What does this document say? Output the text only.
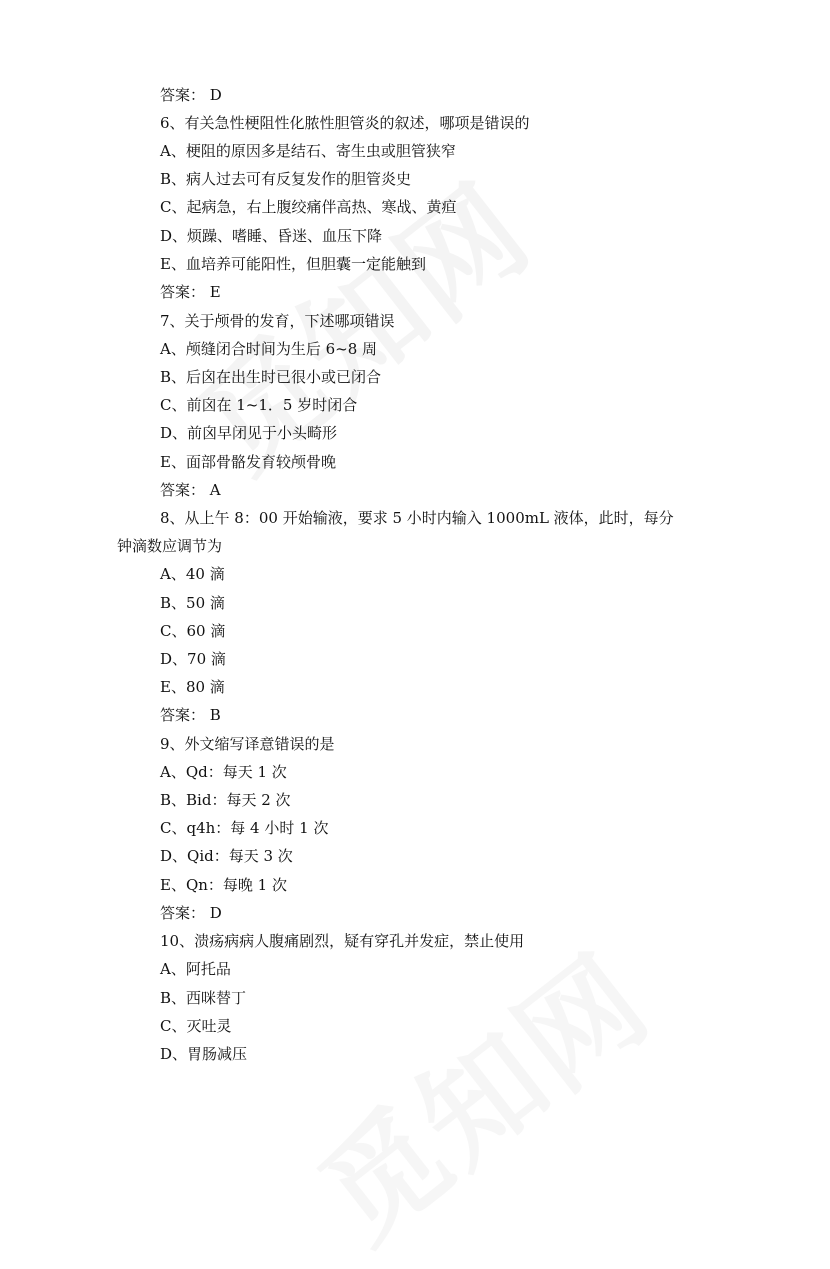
答案： D
6、有关急性梗阻性化脓性胆管炎的叙述，哪项是错误的
A、梗阻的原因多是结石、寄生虫或胆管狭窄
B、病人过去可有反复发作的胆管炎史
C、起病急，右上腹绞痛伴高热、寒战、黄疸
D、烦躁、嗜睡、昏迷、血压下降
E、血培养可能阳性，但胆囊一定能触到
答案： E
7、关于颅骨的发育，下述哪项错误
A、颅缝闭合时间为生后 6~8 周
B、后囟在出生时已很小或已闭合
C、前囟在 1~1．5 岁时闭合
D、前囟早闭见于小头畸形
E、面部骨骼发育较颅骨晚
答案： A
8、从上午 8：00 开始输液，要求 5 小时内输入 1000mL 液体，此时，每分
钟滴数应调节为
A、40 滴
B、50 滴
C、60 滴
D、70 滴
E、80 滴
答案： B
9、外文缩写译意错误的是
A、Qd：每天 1 次
B、Bid：每天 2 次
C、q4h：每 4 小时 1 次
D、Qid：每天 3 次
E、Qn：每晚 1 次
答案： D
10、溃疡病病人腹痛剧烈，疑有穿孔并发症，禁止使用
A、阿托品
B、西咪替丁
C、灭吐灵
D、胃肠减压
